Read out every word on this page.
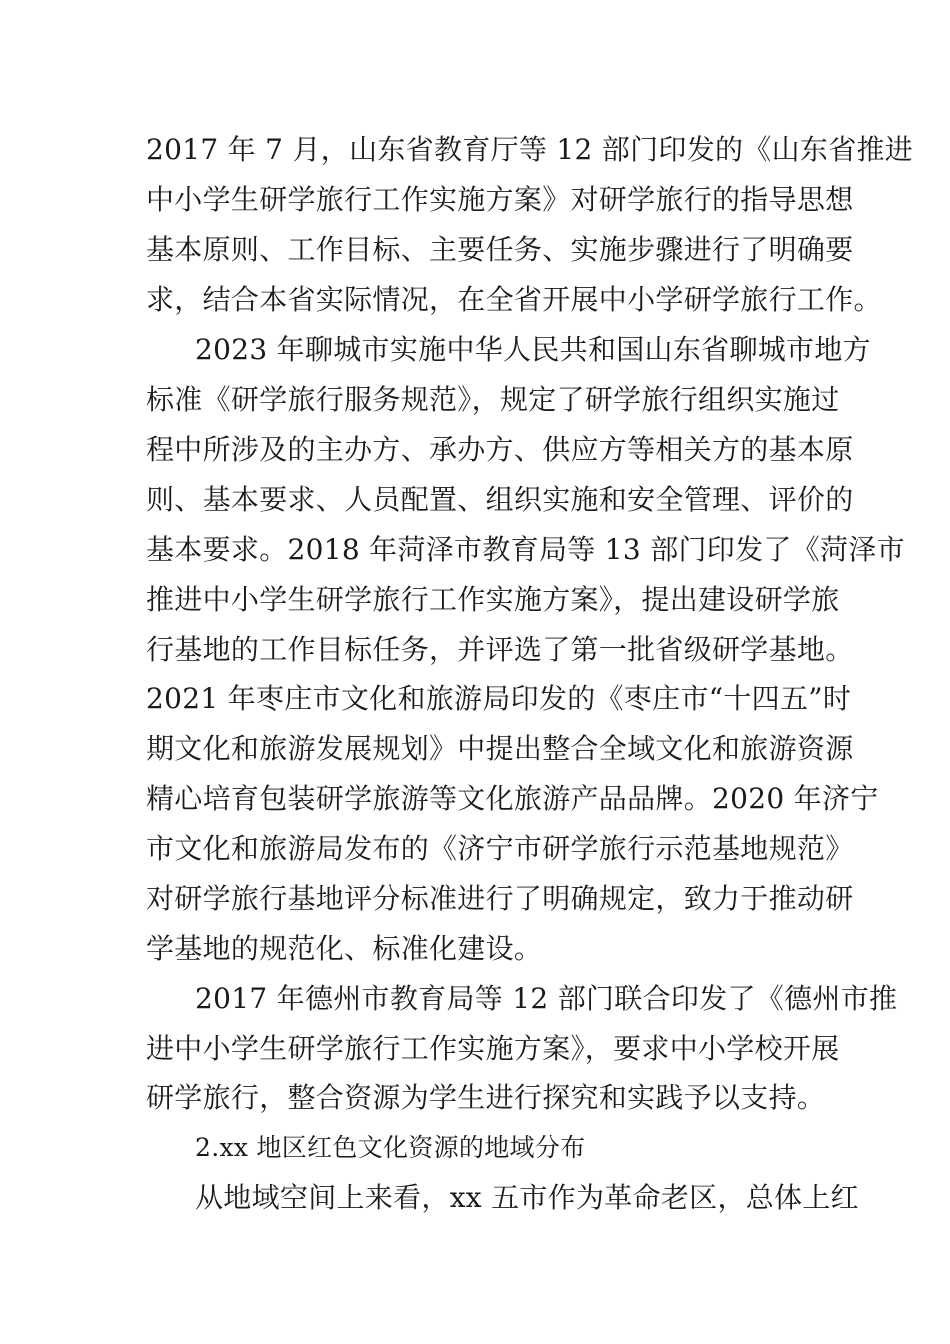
2017 年 7 月，山东省教育厅等 12 部门印发的《山东省推进

中小学生研学旅行工作实施方案》对研学旅行的指导思想

基本原则、工作目标、主要任务、实施步骤进行了明确要

求，结合本省实际情况，在全省开展中小学研学旅行工作。

2023 年聊城市实施中华人民共和国山东省聊城市地方

标准《研学旅行服务规范》，规定了研学旅行组织实施过

程中所涉及的主办方、承办方、供应方等相关方的基本原

则、基本要求、人员配置、组织实施和安全管理、评价的

基本要求。2018 年菏泽市教育局等 13 部门印发了《菏泽市

推进中小学生研学旅行工作实施方案》，提出建设研学旅

行基地的工作目标任务，并评选了第一批省级研学基地。

2021 年枣庄市文化和旅游局印发的《枣庄市“十四五”时

期文化和旅游发展规划》中提出整合全域文化和旅游资源

精心培育包装研学旅游等文化旅游产品品牌。2020 年济宁

市文化和旅游局发布的《济宁市研学旅行示范基地规范》

对研学旅行基地评分标准进行了明确规定，致力于推动研

学基地的规范化、标准化建设。

2017 年德州市教育局等 12 部门联合印发了《德州市推

进中小学生研学旅行工作实施方案》，要求中小学校开展

研学旅行，整合资源为学生进行探究和实践予以支持。

2.xx 地区红色文化资源的地域分布

从地域空间上来看，xx 五市作为革命老区，总体上红
